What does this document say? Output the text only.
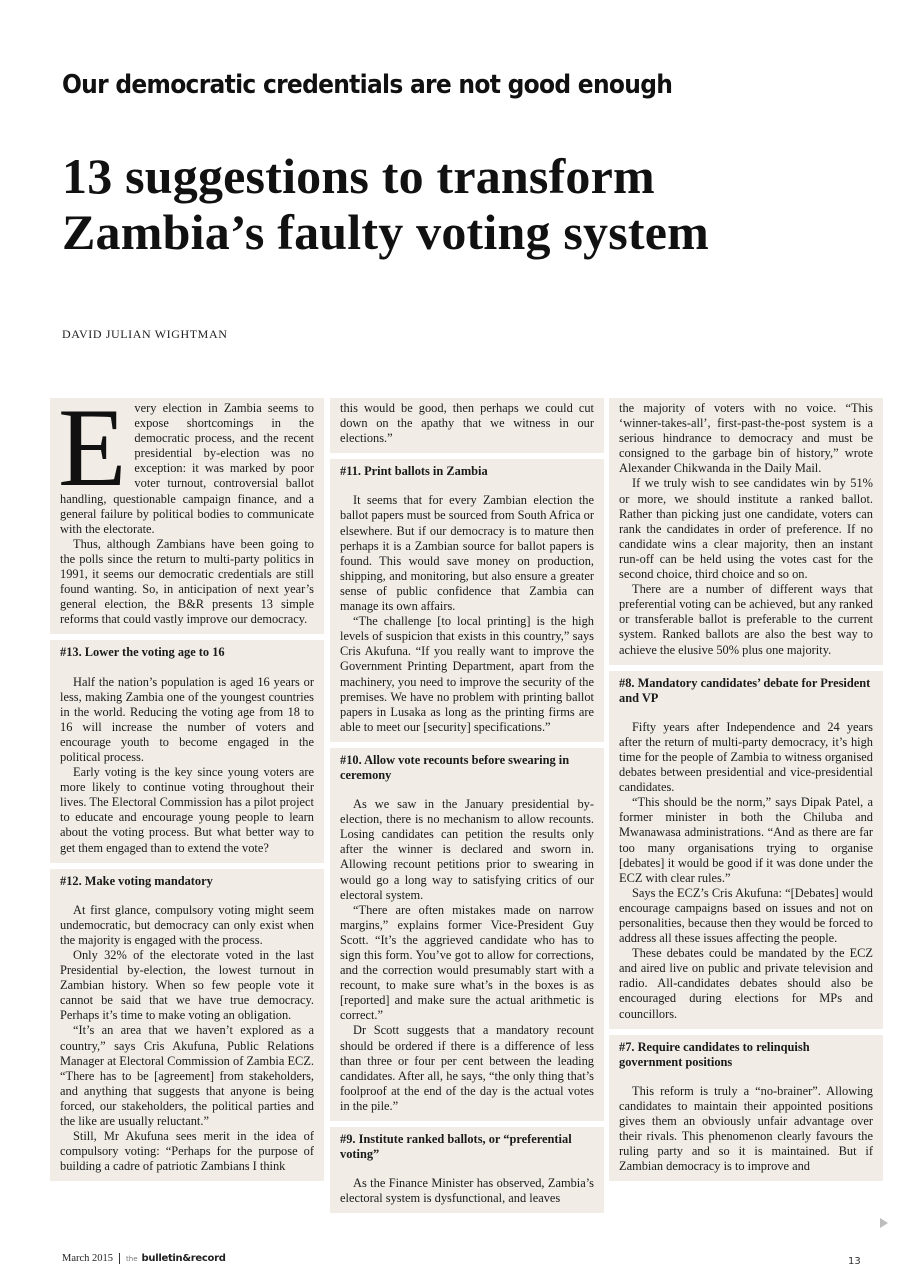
Our democratic credentials are not good enough
13 suggestions to transform
Zambia’s faulty voting system
DAVID JULIAN WIGHTMAN

Every election in Zambia seems to expose shortcomings in the democratic process, and the recent presidential by-election was no exception: it was marked by poor voter turnout, controversial ballot handling, questionable campaign finance, and a general failure by political bodies to communicate with the electorate.

Thus, although Zambians have been going to the polls since the return to multi-party politics in 1991, it seems our democratic credentials are still found wanting. So, in anticipation of next year’s general election, the B&R presents 13 simple reforms that could vastly improve our democracy.

#13. Lower the voting age to 16

Half the nation’s population is aged 16 years or less, making Zambia one of the youngest countries in the world. Reducing the voting age from 18 to 16 will increase the number of voters and encourage youth to become engaged in the political process.

Early voting is the key since young voters are more likely to continue voting throughout their lives. The Electoral Commission has a pilot project to educate and encourage young people to learn about the voting process. But what better way to get them engaged than to extend the vote?

#12. Make voting mandatory

At first glance, compulsory voting might seem undemocratic, but democracy can only exist when the majority is engaged with the process.

Only 32% of the electorate voted in the last Presidential by-election, the lowest turnout in Zambian history. When so few people vote it cannot be said that we have true democracy. Perhaps it’s time to make voting an obligation.

“It’s an area that we haven’t explored as a country,” says Cris Akufuna, Public Relations Manager at Electoral Commission of Zambia ECZ. “There has to be [agreement] from stakeholders, and anything that suggests that anyone is being forced, our stakeholders, the political parties and the like are usually reluctant.”

Still, Mr Akufuna sees merit in the idea of compulsory voting: “Perhaps for the purpose of building a cadre of patriotic Zambians I think

this would be good, then perhaps we could cut down on the apathy that we witness in our elections.”

#11. Print ballots in Zambia

It seems that for every Zambian election the ballot papers must be sourced from South Africa or elsewhere. But if our democracy is to mature then perhaps it is a Zambian source for ballot papers is found. This would save money on production, shipping, and monitoring, but also ensure a greater sense of public confidence that Zambia can manage its own affairs.

“The challenge [to local printing] is the high levels of suspicion that exists in this country,” says Cris Akufuna. “If you really want to improve the Government Printing Department, apart from the machinery, you need to improve the security of the premises. We have no problem with printing ballot papers in Lusaka as long as the printing firms are able to meet our [security] specifications.”

#10. Allow vote recounts before swearing in ceremony

As we saw in the January presidential by-election, there is no mechanism to allow recounts. Losing candidates can petition the results only after the winner is declared and sworn in. Allowing recount petitions prior to swearing in would go a long way to satisfying critics of our electoral system.

“There are often mistakes made on narrow margins,” explains former Vice-President Guy Scott. “It’s the aggrieved candidate who has to sign this form. You’ve got to allow for corrections, and the correction would presumably start with a recount, to make sure what’s in the boxes is as [reported] and make sure the actual arithmetic is correct.”

Dr Scott suggests that a mandatory recount should be ordered if there is a difference of less than three or four per cent between the leading candidates. After all, he says, “the only thing that’s foolproof at the end of the day is the actual votes in the pile.”

#9. Institute ranked ballots, or “preferential voting”

As the Finance Minister has observed, Zambia’s electoral system is dysfunctional, and leaves

the majority of voters with no voice. “This ‘winner-takes-all’, first-past-the-post system is a serious hindrance to democracy and must be consigned to the garbage bin of history,” wrote Alexander Chikwanda in the Daily Mail.

If we truly wish to see candidates win by 51% or more, we should institute a ranked ballot. Rather than picking just one candidate, voters can rank the candidates in order of preference. If no candidate wins a clear majority, then an instant run-off can be held using the votes cast for the second choice, third choice and so on.

There are a number of different ways that preferential voting can be achieved, but any ranked or transferable ballot is preferable to the current system. Ranked ballots are also the best way to achieve the elusive 50% plus one majority.

#8. Mandatory candidates’ debate for President and VP

Fifty years after Independence and 24 years after the return of multi-party democracy, it’s high time for the people of Zambia to witness organised debates between presidential and vice-presidential candidates.

“This should be the norm,” says Dipak Patel, a former minister in both the Chiluba and Mwanawasa administrations. “And as there are far too many organisations trying to organise [debates] it would be good if it was done under the ECZ with clear rules.”

Says the ECZ’s Cris Akufuna: “[Debates] would encourage campaigns based on issues and not on personalities, because then they would be forced to address all these issues affecting the people.

These debates could be mandated by the ECZ and aired live on public and private television and radio. All-candidates debates should also be encouraged during elections for MPs and councillors.

#7. Require candidates to relinquish government positions

This reform is truly a “no-brainer”. Allowing candidates to maintain their appointed positions gives them an obviously unfair advantage over their rivals. This phenomenon clearly favours the ruling party and so it is maintained. But if Zambian democracy is to improve and

March 2015 the bulletin&record	13
